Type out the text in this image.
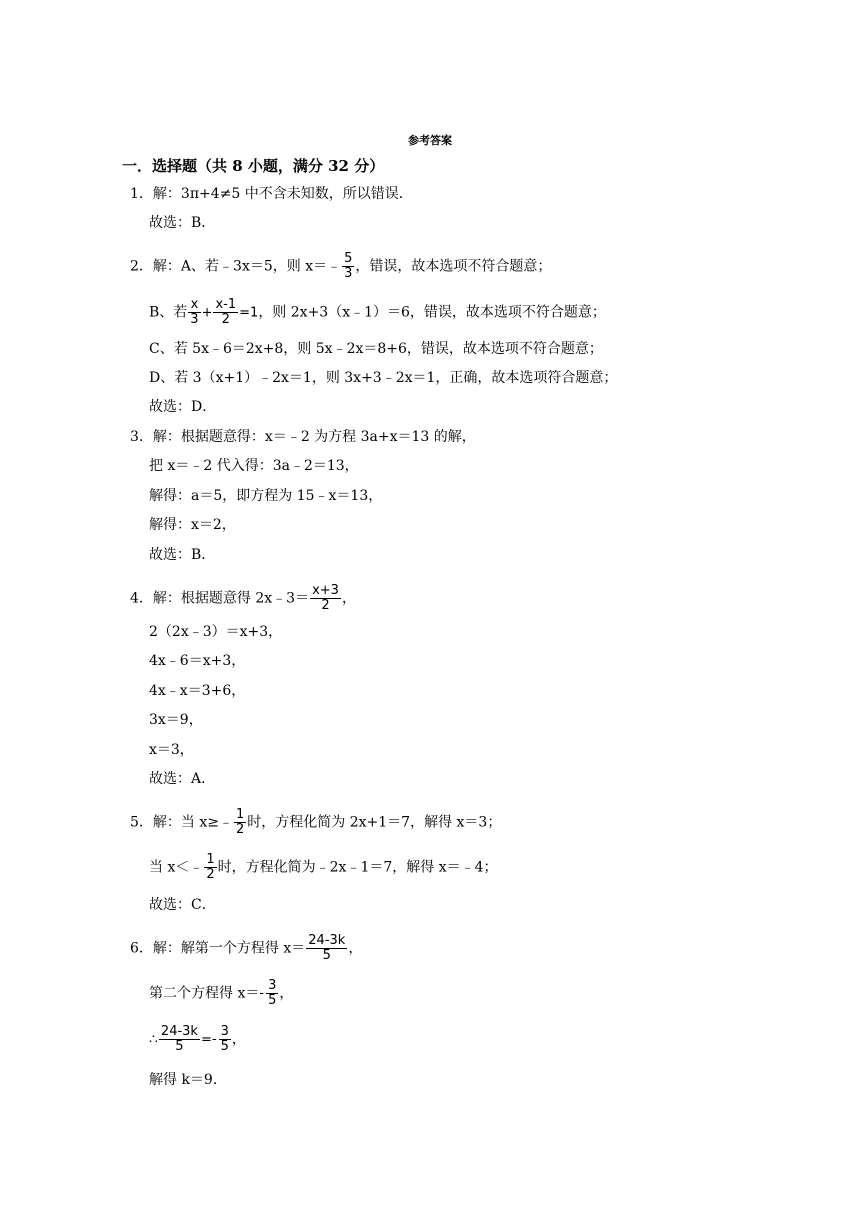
参考答案
一．选择题（共 8 小题，满分 32 分）
1．解：3π+4≠5 中不含未知数，所以错误．
故选：B．
2．解：A、若﹣3x＝5，则 x＝﹣ $\frac{5}{3}$ ，错误，故本选项不符合题意；
B、若 $\frac{x}{3} + \frac{x-1}{2} =1$，则 2x+3（x﹣1）＝6，错误，故本选项不符合题意；
C、若 5x﹣6＝2x+8，则 5x﹣2x＝8+6，错误，故本选项不符合题意；
D、若 3（x+1）﹣2x＝1，则 3x+3﹣2x＝1，正确，故本选项符合题意；
故选：D．
3．解：根据题意得：x＝﹣2 为方程 3a+x＝13 的解，
把 x＝﹣2 代入得：3a﹣2＝13，
解得：a＝5，即方程为 15﹣x＝13，
解得：x＝2，
故选：B．
4．解：根据题意得 2x﹣3＝ $\frac{x+3}{2}$ ，
2（2x﹣3）＝x+3，
4x﹣6＝x+3，
4x﹣x＝3+6，
3x＝9，
x＝3，
故选：A．
5．解：当 x≥﹣ $\frac{1}{2}$ 时，方程化简为 2x+1＝7，解得 x＝3；
当 x＜﹣ $\frac{1}{2}$ 时，方程化简为﹣2x﹣1＝7，解得 x＝﹣4；
故选：C．
6．解：解第一个方程得 $x= \frac{24-3k}{5}$ ，
第二个方程得 $x=- \frac{3}{5}$ ，
∴ $\frac{24-3k}{5} =- \frac{3}{5}$ ，
解得 k＝9．
